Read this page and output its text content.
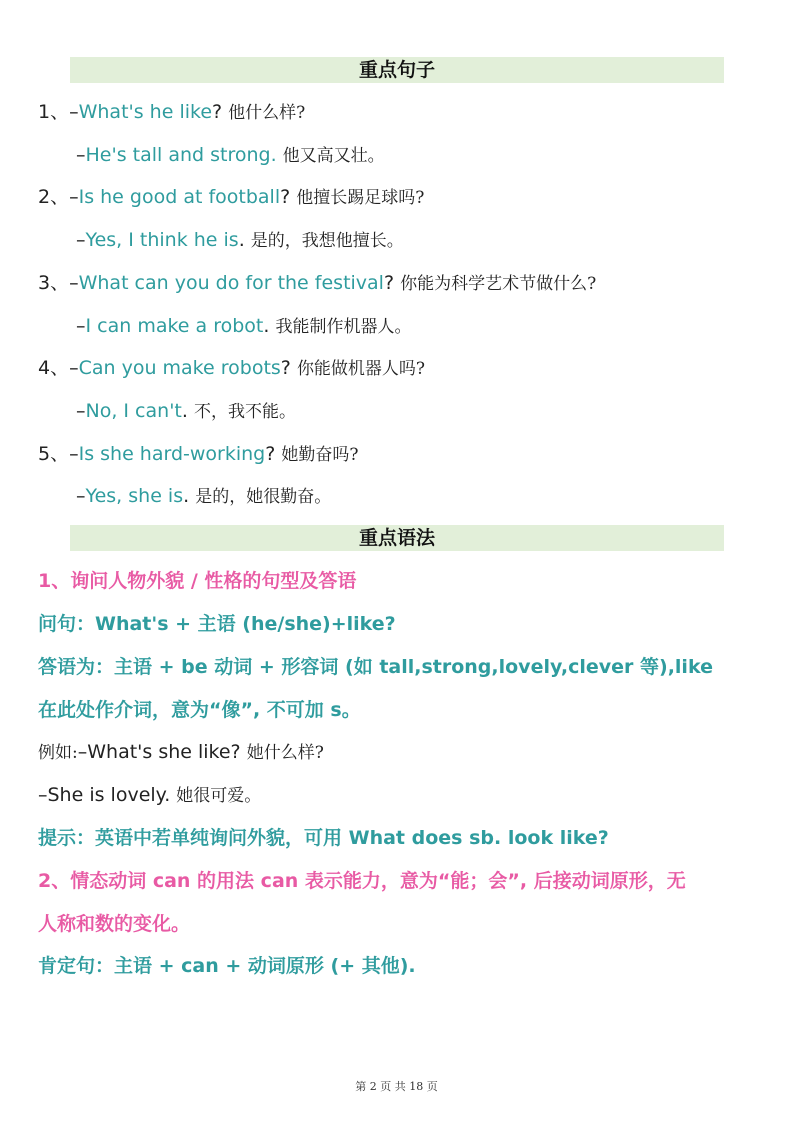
重点句子
1、–What's he like? 他什么样?
–He's tall and strong. 他又高又壮。
2、–Is he good at football? 他擅长踢足球吗?
–Yes, I think he is. 是的，我想他擅长。
3、–What can you do for the festival? 你能为科学艺术节做什么?
–I can make a robot. 我能制作机器人。
4、–Can you make robots? 你能做机器人吗?
–No, I can't. 不，我不能。
5、–Is she hard-working? 她勤奋吗?
–Yes, she is. 是的，她很勤奋。
重点语法
1、询问人物外貌 / 性格的句型及答语
问句：What's + 主语 (he/she)+like?
答语为：主语 + be 动词 + 形容词 (如 tall,strong,lovely,clever 等),like
在此处作介词，意为“像”, 不可加 s。
例如:–What's she like? 她什么样?
–She is lovely. 她很可爱。
提示：英语中若单纯询问外貌，可用 What does sb. look like?
2、情态动词 can 的用法 can 表示能力，意为“能；会”, 后接动词原形，无
人称和数的变化。
肯定句：主语 + can + 动词原形 (+ 其他).
第 2 页 共 18 页
